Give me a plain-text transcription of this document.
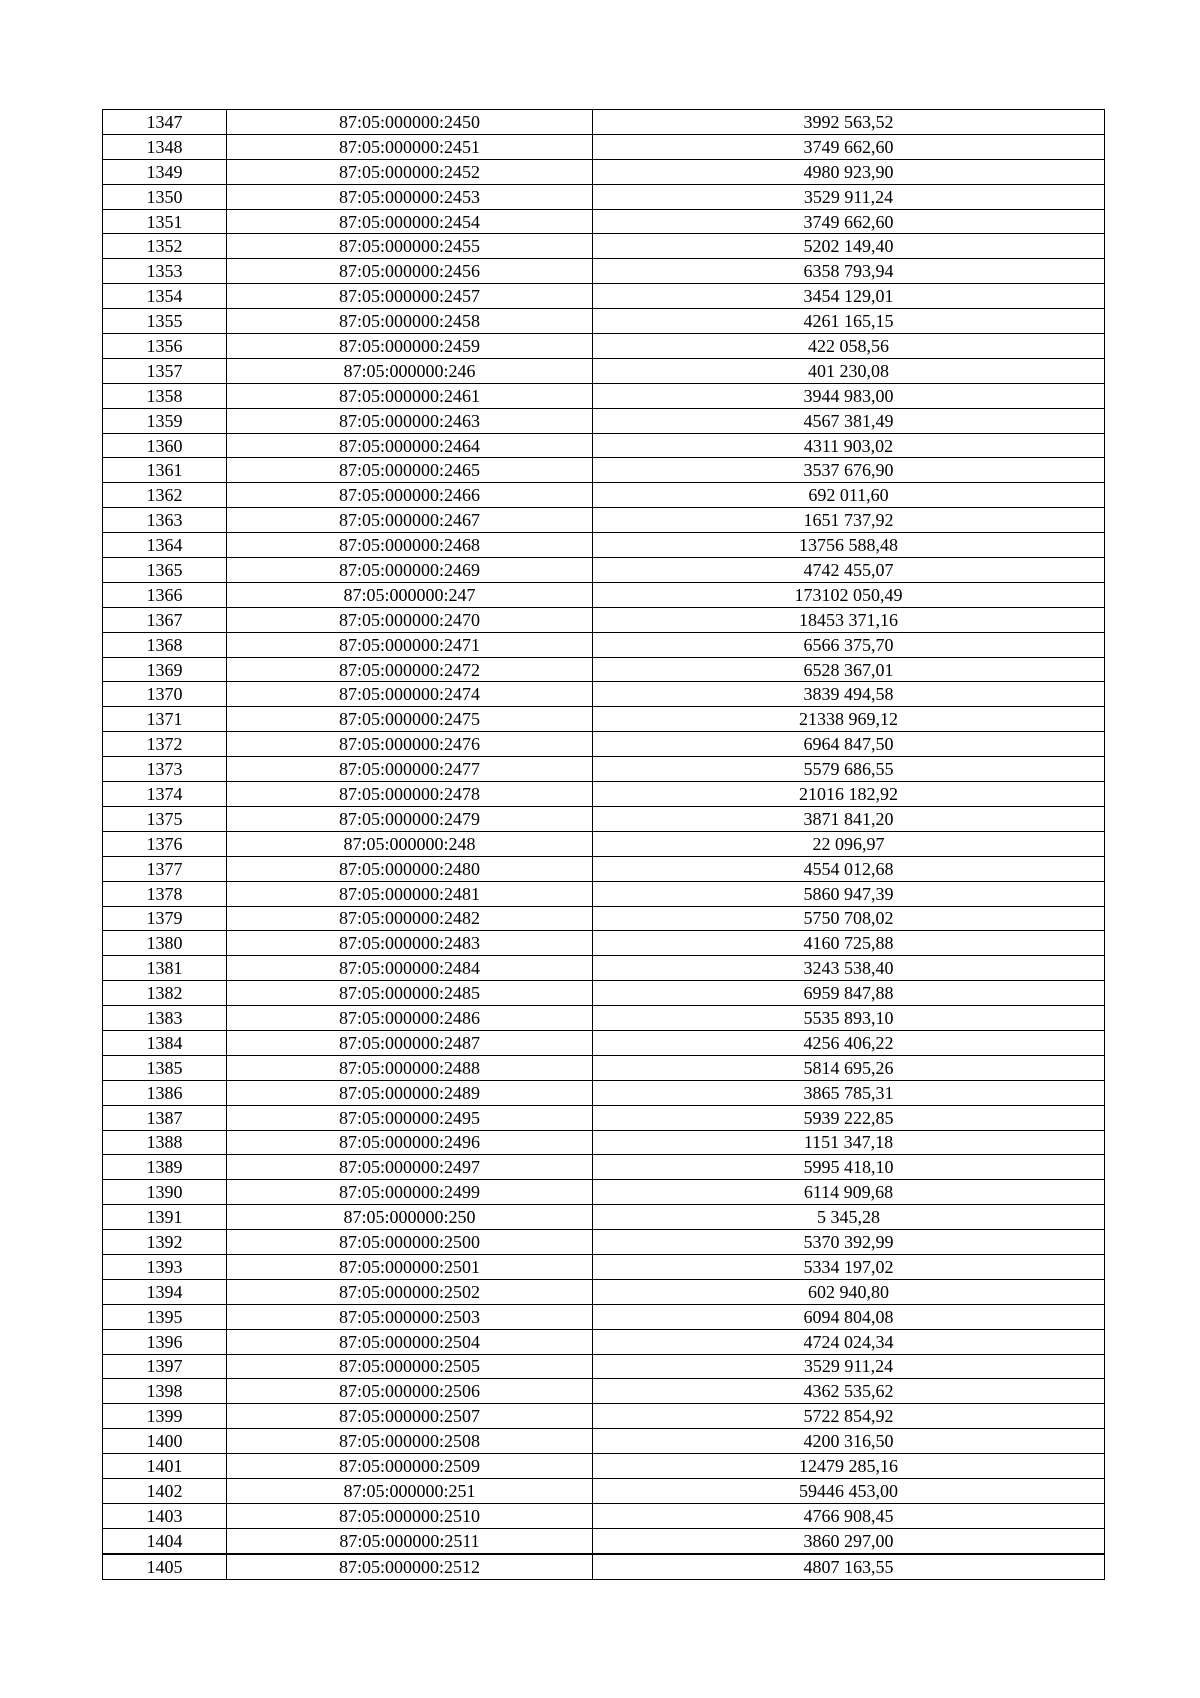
1347	87:05:000000:2450	3992 563,52
1348	87:05:000000:2451	3749 662,60
1349	87:05:000000:2452	4980 923,90
1350	87:05:000000:2453	3529 911,24
1351	87:05:000000:2454	3749 662,60
1352	87:05:000000:2455	5202 149,40
1353	87:05:000000:2456	6358 793,94
1354	87:05:000000:2457	3454 129,01
1355	87:05:000000:2458	4261 165,15
1356	87:05:000000:2459	422 058,56
1357	87:05:000000:246	401 230,08
1358	87:05:000000:2461	3944 983,00
1359	87:05:000000:2463	4567 381,49
1360	87:05:000000:2464	4311 903,02
1361	87:05:000000:2465	3537 676,90
1362	87:05:000000:2466	692 011,60
1363	87:05:000000:2467	1651 737,92
1364	87:05:000000:2468	13756 588,48
1365	87:05:000000:2469	4742 455,07
1366	87:05:000000:247	173102 050,49
1367	87:05:000000:2470	18453 371,16
1368	87:05:000000:2471	6566 375,70
1369	87:05:000000:2472	6528 367,01
1370	87:05:000000:2474	3839 494,58
1371	87:05:000000:2475	21338 969,12
1372	87:05:000000:2476	6964 847,50
1373	87:05:000000:2477	5579 686,55
1374	87:05:000000:2478	21016 182,92
1375	87:05:000000:2479	3871 841,20
1376	87:05:000000:248	22 096,97
1377	87:05:000000:2480	4554 012,68
1378	87:05:000000:2481	5860 947,39
1379	87:05:000000:2482	5750 708,02
1380	87:05:000000:2483	4160 725,88
1381	87:05:000000:2484	3243 538,40
1382	87:05:000000:2485	6959 847,88
1383	87:05:000000:2486	5535 893,10
1384	87:05:000000:2487	4256 406,22
1385	87:05:000000:2488	5814 695,26
1386	87:05:000000:2489	3865 785,31
1387	87:05:000000:2495	5939 222,85
1388	87:05:000000:2496	1151 347,18
1389	87:05:000000:2497	5995 418,10
1390	87:05:000000:2499	6114 909,68
1391	87:05:000000:250	5 345,28
1392	87:05:000000:2500	5370 392,99
1393	87:05:000000:2501	5334 197,02
1394	87:05:000000:2502	602 940,80
1395	87:05:000000:2503	6094 804,08
1396	87:05:000000:2504	4724 024,34
1397	87:05:000000:2505	3529 911,24
1398	87:05:000000:2506	4362 535,62
1399	87:05:000000:2507	5722 854,92
1400	87:05:000000:2508	4200 316,50
1401	87:05:000000:2509	12479 285,16
1402	87:05:000000:251	59446 453,00
1403	87:05:000000:2510	4766 908,45
1404	87:05:000000:2511	3860 297,00
1405	87:05:000000:2512	4807 163,55
